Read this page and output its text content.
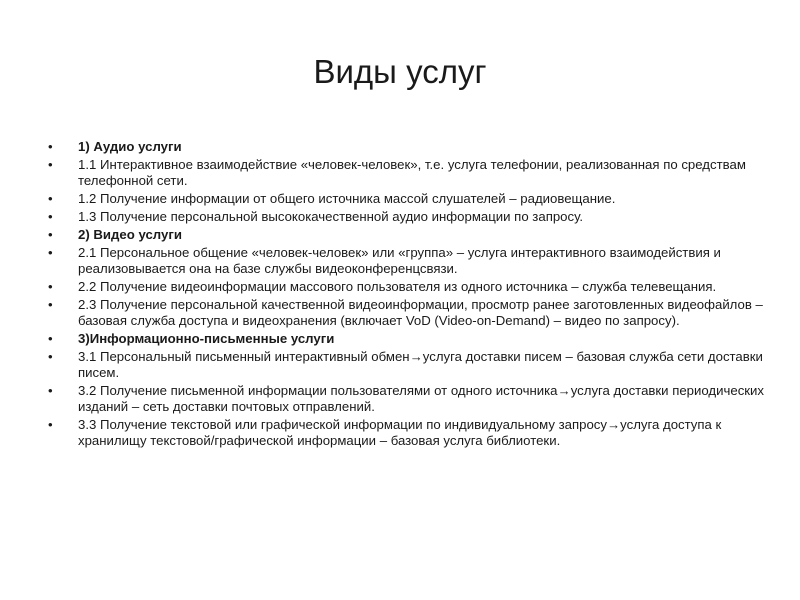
Виды услуг
• 1) Аудио услуги
• 1.1 Интерактивное взаимодействие «человек-человек», т.е. услуга телефонии, реализованная по средствам телефонной сети.
• 1.2 Получение информации от общего источника массой слушателей – радиовещание.
• 1.3 Получение персональной высококачественной аудио информации по запросу.
• 2) Видео услуги
• 2.1 Персональное общение «человек-человек» или «группа» – услуга интерактивного взаимодействия и реализовывается она на базе службы видеоконференцсвязи.
• 2.2 Получение видеоинформации массового пользователя из одного источника – служба телевещания.
• 2.3 Получение персональной качественной видеоинформации, просмотр ранее заготовленных видеофайлов – базовая служба доступа и видеохранения (включает VoD (Video-on-Demand) – видео по запросу).
• 3)Информационно-письменные услуги
• 3.1 Персональный письменный интерактивный обмен→услуга доставки писем – базовая служба сети доставки писем.
• 3.2 Получение письменной информации пользователями от одного источника→услуга доставки периодических изданий – сеть доставки почтовых отправлений.
• 3.3 Получение текстовой или графической информации по индивидуальному запросу→услуга доступа к хранилищу текстовой/графической информации – базовая услуга библиотеки.
